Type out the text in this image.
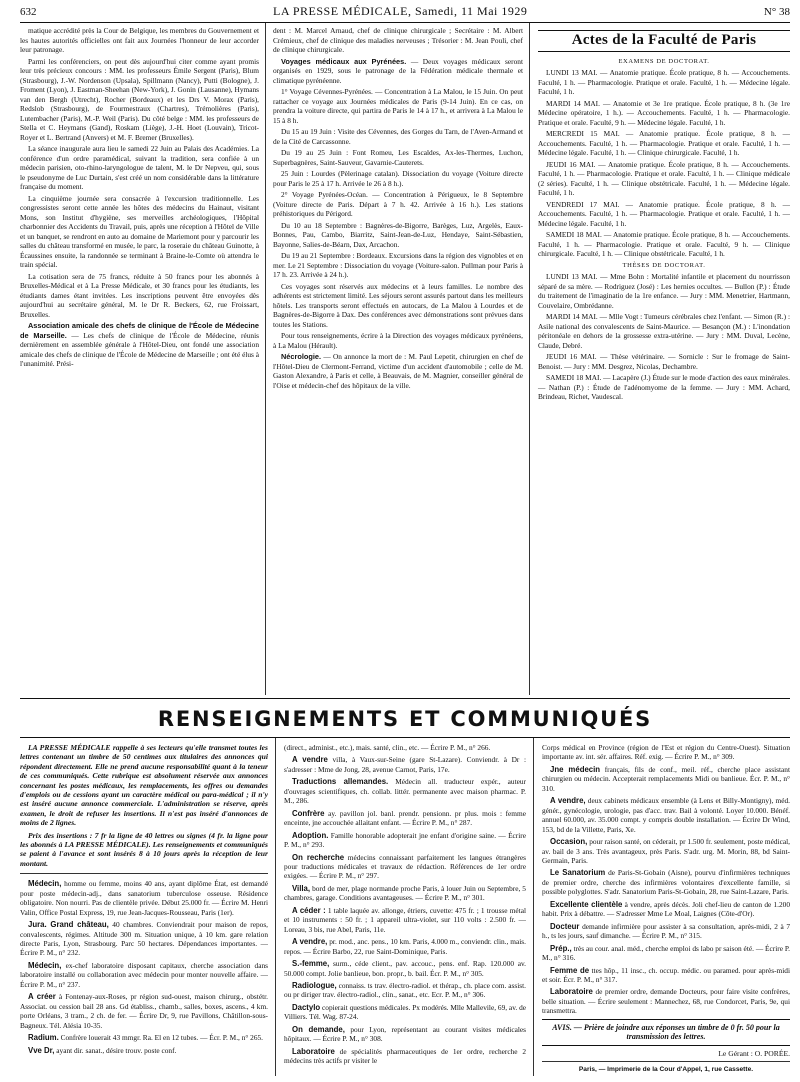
632	LA PRESSE MÉDICALE, Samedi, 11 Mai 1929	N° 38

matique accrédité près la Cour de Belgique, les membres du Gouvernement et les hautes autorités officielles ont fait aux Journées l'honneur de leur accorder leur patronage.

Parmi les conférenciers, on peut dès aujourd'hui citer comme ayant promis leur très précieux concours : MM. les professeurs Émile Sergent (Paris), Blum (Strasbourg), J.-W. Nordenson (Upsala), Spillmann (Nancy), Putti (Bologne), J. Froment (Lyon), J. Eastman-Sheehan (New-York), J. Gonin (Lausanne), Hymans van den Bergh (Utrecht), Rocher (Bordeaux) et les Drs V. Morax (Paris), Redslob (Strasbourg), de Fourmestraux (Chartres), Trémolières (Paris), Lutembacher (Paris), M.-P. Weil (Paris). Du côté belge : MM. les professeurs de Stella et C. Heymans (Gand), Roskam (Liège), J.-H. Hoet (Louvain), Tricot-Royer et L. Bertrand (Anvers) et M. F. Bremer (Bruxelles).

La séance inaugurale aura lieu le samedi 22 Juin au Palais des Académies. La conférence d'un ordre paramédical, suivant la tradition, sera confiée à un médecin parisien, oto-rhino-laryngologue de talent, M. le Dr Nepveu, qui, sous le pseudonyme de Luc Durtain, s'est créé un nom considérable dans la littérature française du moment.

La cinquième journée sera consacrée à l'excursion traditionnelle. Les congressistes seront cette année les hôtes des médecins du Hainaut, visitant Mons, son Institut d'hygiène, ses merveilles archéologiques, l'Hôpital charbonnier des Accidents du Travail, puis, après une réception à l'Hôtel de Ville et un banquet, se rendront en auto au domaine de Mariemont pour y parcourir les salles du château transformé en musée, le parc, la roseraie du château Guinotte, à Écaussines ensuite, la randonnée se terminant à Braine-le-Comte où attendra le train spécial.

La cotisation sera de 75 francs, réduite à 50 francs pour les abonnés à Bruxelles-Médical et à La Presse Médicale, et 30 francs pour les étudiants, les étudiants dames étant invitées. Les inscriptions peuvent être envoyées dès aujourd'hui au secrétaire général, M. le Dr R. Beckers, 62, rue Froissart, Bruxelles.

Association amicale des chefs de clinique de l'École de Médecine de Marseille. — Les chefs de clinique de l'École de Médecine, réunis dernièrement en assemblée générale à l'Hôtel-Dieu, ont fondé une association amicale des chefs de clinique de l'École de Médecine de Marseille ; ont été élus à l'unanimité. Prési-

dent : M. Marcel Arnaud, chef de clinique chirurgicale ; Secrétaire : M. Albert Crémieux, chef de clinique des maladies nerveuses ; Trésorier : M. Jean Pouli, chef de clinique chirurgicale.

Voyages médicaux aux Pyrénées. — Deux voyages médicaux seront organisés en 1929, sous le patronage de la Fédération médicale thermale et climatique pyrénéenne.

1° Voyage Cévennes-Pyrénées. — Concentration à La Malou, le 15 Juin. On peut rattacher ce voyage aux Journées médicales de Paris (9-14 Juin). En ce cas, on prendra la voiture directe, qui partira de Paris le 14 à 17 h., et arrivera à La Malou le 15 à 8 h.

Du 15 au 19 Juin : Visite des Cévennes, des Gorges du Tarn, de l'Aven-Armand et de la Cité de Carcassonne.

Du 19 au 25 Juin : Font Romeu, Les Escaldes, Ax-les-Thermes, Luchon, Superbagnères, Saint-Sauveur, Gavarnie-Cauterets.

25 Juin : Lourdes (Pèlerinage catalan). Dissociation du voyage (Voiture directe pour Paris le 25 à 17 h. Arrivée le 26 à 8 h.).

2° Voyage Pyrénées-Océan. — Concentration à Périgueux, le 8 Septembre (Voiture directe de Paris. Départ à 7 h. 42. Arrivée à 16 h.). Les stations préhistoriques du Périgord.

Du 10 au 18 Septembre : Bagnères-de-Bigorre, Barèges, Luz, Argelès, Eaux-Bonnes, Pau, Cambo, Biarritz, Saint-Jean-de-Luz, Hendaye, Saint-Sébastien, Bayonne, Salies-de-Béarn, Dax, Arcachon.

Du 19 au 21 Septembre : Bordeaux. Excursions dans la région des vignobles et en mer. Le 21 Septembre : Dissociation du voyage (Voiture-salon. Pullman pour Paris à 17 h. 23. Arrivée à 24 h.).

Ces voyages sont réservés aux médecins et à leurs familles. Le nombre des adhérents est strictement limité. Les séjours seront assurés partout dans les meilleurs hôtels. Les transports seront effectués en autocars, de La Malou à Lourdes et de Bagnères-de-Bigorre à Dax. Des conférences avec démonstrations sont prévues dans toutes les Stations.

Pour tous renseignements, écrire à la Direction des voyages médicaux pyrénéens, à La Malou (Hérault).

Nécrologie. — On annonce la mort de : M. Paul Lepetit, chirurgien en chef de l'Hôtel-Dieu de Clermont-Ferrand, victime d'un accident d'automobile ; celle de M. Gaston Alexandre, à Paris et celle, à Beauvais, de M. Magnier, conseiller général de l'Oise et médecin-chef des hôpitaux de la ville.

Actes de la Faculté de Paris

EXAMENS DE DOCTORAT.

LUNDI 13 MAI. — Anatomie pratique. École pratique, 8 h. — Accouchements. Faculté, 1 h. — Pharmacologie. Pratique et orale. Faculté, 1 h. — Médecine légale. Faculté, 1 h.

MARDI 14 MAI. — Anatomie et 3e 1re pratique. École pratique, 8 h. (3e 1re Médecine opératoire, 1 h.). — Accouchements. Faculté, 1 h. — Pharmacologie. Pratique et orale. Faculté, 9 h. — Médecine légale. Faculté, 1 h.

MERCREDI 15 MAI. — Anatomie pratique. École pratique, 8 h. — Accouchements. Faculté, 1 h. — Pharmacologie. Pratique et orale. Faculté, 1 h. — Médecine légale. Faculté, 1 h. — Clinique chirurgicale. Faculté, 1 h.

JEUDI 16 MAI. — Anatomie pratique. École pratique, 8 h. — Accouchements. Faculté, 1 h. — Pharmacologie. Pratique et orale. Faculté, 1 h. — Clinique médicale (2 séries). Faculté, 1 h. — Clinique obstétricale. Faculté, 1 h. — Médecine légale. Faculté, 1 h.

VENDREDI 17 MAI. — Anatomie pratique. École pratique, 8 h. — Accouchements. Faculté, 1 h. — Pharmacologie. Pratique et orale. Faculté, 1 h. — Médecine légale. Faculté, 1 h.

SAMEDI 18 MAI. — Anatomie pratique. École pratique, 8 h. — Accouchements. Faculté, 1 h. — Pharmacologie. Pratique et orale. Faculté, 9 h. — Clinique chirurgicale. Faculté, 1 h. — Clinique obstétricale. Faculté, 1 h.

THÈSES DE DOCTORAT.

LUNDI 13 MAI. — Mme Bohn : Mortalité infantile et placement du nourrisson séparé de sa mère. — Rodriguez (José) : Les hernies occultes. — Bullon (P.) : Étude du traitement de l'imaginatio de la 1re enfance. — Jury : MM. Menetrier, Hartmann, Couvelaire, Ombrédanne.

MARDI 14 MAI. — Mlle Vogt : Tumeurs cérébrales chez l'enfant. — Simon (R.) : Asile national des convalescents de Saint-Maurice. — Besançon (M.) : L'inondation péritonéale en dehors de la grossesse extra-utérine. — Jury : MM. Duval, Lecène, Claude, Debré.

JEUDI 16 MAI. — Thèse vétérinaire. — Sornicle : Sur le fromage de Saint-Benoist. — Jury : MM. Desgrez, Nicolas, Dechambre.

SAMEDI 18 MAI. — Lacapère (J.) Étude sur le mode d'action des eaux minérales. — Nathan (P.) : Étude de l'adénomyome de la femme. — Jury : MM. Achard, Brindeau, Richet, Vaudescal.

RENSEIGNEMENTS ET COMMUNIQUÉS

LA PRESSE MÉDICALE rappelle à ses lecteurs qu'elle transmet toutes les lettres contenant un timbre de 50 centimes aux titulaires des annonces qui répondent directement. Elle ne prend aucune responsabilité quant à la teneur de ces communiqués. Cette rubrique est absolument réservée aux annonces concernant les postes médicaux, les remplacements, les offres ou demandes d'emplois ou de cessions ayant un caractère médical ou para-médical ; il n'y est inséré aucune annonce commerciale. L'administration se réserve, après examen, le droit de refuser les insertions. Il n'est pas inséré d'annonces de moins de 2 lignes.

Prix des insertions : 7 fr la ligne de 40 lettres ou signes (4 fr. la ligne pour les abonnés à LA PRESSE MÉDICALE). Les renseignements et communiqués se paient à l'avance et sont insérés 8 à 10 jours après la réception de leur montant.

Médecin, homme ou femme, moins 40 ans, ayant diplôme État, est demandé pour poste médecin-adj., dans sanatorium tuberculose osseuse. Résidence obligatoire. Non nourri. Pas de clientèle privée. Début 25.000 fr. — Écrire M. Henri Valin, Office Postal Express, 19, rue Jean-Jacques-Rousseau, Paris (1er).

Jura. Grand château, 40 chambres. Conviendrait pour maison de repos, convalescents, régimes. Altitude 300 m. Situation unique, à 10 km. gare relation directe Paris, Lyon, Strasbourg. Parc 50 hectares. Dépendances importantes. — Écrire P. M., n° 232.

Médecin, ex-chef laboratoire disposant capitaux, cherche association dans laboratoire installé ou collaboration avec médecin pour monter nouvelle affaire. — Écrire P. M., n° 237.

A créer à Fontenay-aux-Roses, pr région sud-ouest, maison chirurg., obstétr. Associat. ou cession bail 28 ans. Gd établiss., chamb., salles, boxes, ascens., 4 km. porte Orléans, 3 tram., 2 ch. de fer. — Écrire Dr, 9, rue Pavillons, Châtillon-sous-Bagneux. Tél. Alésia 10-35.

Radium. Confrère louerait 43 mmgr. Ra. El en 12 tubes. — Écr. P. M., n° 265.

Vve Dr, ayant dir. sanat., désire trouv. poste conf.

(direct., administ., etc.), mais. santé, clin., etc. — Écrire P. M., n° 266.

A vendre villa, à Vaux-sur-Seine (gare St-Lazare). Conviendr. à Dr : s'adresser : Mme de Jong, 28, avenue Carnot, Paris, 17e.

Traductions allemandes. Médecin all. traducteur expér., auteur d'ouvrages scientifiques, ch. collab. littér. permanente avec maison pharmac. P. M., 286.

Confrère ay. pavillon jol. banl. prendr. pensionn. pr plus. mois : femme enceinte, jne accouchée allaitant enfant. — Écrire P. M., n° 287.

Adoption. Famille honorable adopterait jne enfant d'origine saine. — Écrire P. M., n° 293.

On recherche médecins connaissant parfaitement les langues étrangères pour traductions médicales et travaux de rédaction. Références de 1er ordre exigées. — Écrire P. M., n° 297.

Villa, bord de mer, plage normande proche Paris, à louer Juin ou Septembre, 5 chambres, garage. Conditions avantageuses. — Écrire P. M., n° 301.

A céder : 1 table laquée av. allonge, étriers, cuvette: 475 fr. ; 1 trousse métal et 10 instruments : 50 fr. ; 1 appareil ultra-violet, sur 110 volts : 2.500 fr. — Loreau, 3 bis, rue Abel, Paris, 11e.

A vendre, pr. mod., anc. pens., 10 km. Paris, 4.000 m., conviendr. clin., mais. repos. — Écrire Barbo, 22, rue Saint-Dominique, Paris.

S.-femme, surm., céde client., pav. accouc., pens. enf. Rap. 120.000 av. 50.000 compt. Jolie banlieue, bon. propr., b. bail. Écr. P. M., n° 305.

Radiologue, connaiss. ts trav. électro-radiol. et thérap., ch. place com. assist. ou pr diriger trav. électro-radiol., clin., sanat., etc. Ecr. P. M., n° 306.

Dactylo copierait questions médicales. Px modérés. Mlle Mallevile, 69, av. de Villiers. Tél. Wag. 87-24.

On demande, pour Lyon, représentant au courant visites médicales hôpitaux. — Écrire P. M., n° 308.

Laboratoire de spécialités pharmaceutiques de 1er ordre, recherche 2 médecins très actifs pr visiter le

Corps médical en Province (région de l'Est et région du Centre-Ouest). Situation importante av. int. sér. affaires. Réf. exig. — Écrire P. M., n° 309.

Jne médecin français, fils de conf., meil. réf., cherche place assistant chirurgien ou médecin. Accepterait remplacements Midi ou banlieue. Écr. P. M., n° 310.

A vendre, deux cabinets médicaux ensemble (à Lens et Billy-Montigny), méd. génér., gynécologie, urologie, pas d'acc. trav. Bail à volonté. Loyer 10.000. Bénéf. annuel 60.000, av. 35.000 compt. y compris double installation. — Écrire Dr Wind, 153, bd de la Villette, Paris, Xe.

Occasion, pour raison santé, on céderait, pr 1.500 fr. seulement, poste médical, av. bail de 3 ans. Très avantageux, près Paris. S'adr. urg. M. Morin, 88, bd Saint-Germain, Paris.

Le Sanatorium de Paris-St-Gobain (Aisne), pourvu d'infirmières techniques de premier ordre, cherche des infirmières volontaires d'excellente famille, si possible polyglottes. S'adr. Sanatorium Paris-St-Gobain, 28, rue Saint-Lazare, Paris.

Excellente clientèle à vendre, après décès. Joli chef-lieu de canton de 1.200 habit. Prix à débattre. — S'adresser Mme Le Moal, Laignes (Côte-d'Or).

Docteur demande infirmière pour assister à sa consultation, après-midi, 2 à 7 h., ts les jours, sauf dimanche. — Écrire P. M., n° 315.

Prép., très au cour. anal. méd., cherche emploi ds labo pr saison été. — Écrire P. M., n° 316.

Femme de ttes hôp., 11 insc., ch. occup. médic. ou paramed. pour après-midi et soir. Écr. P. M., n° 317.

Laboratoire de premier ordre, demande Docteurs, pour faire visite confrères, belle situation. — Écrire seulement : Mannechez, 68, rue Condorcet, Paris, 9e, qui transmettra.

AVIS. — Prière de joindre aux réponses un timbre de 0 fr. 50 pour la transmission des lettres.

Le Gérant : O. PORÉE.

Paris, — Imprimerie de la Cour d'Appel, 1, rue Cassette.
